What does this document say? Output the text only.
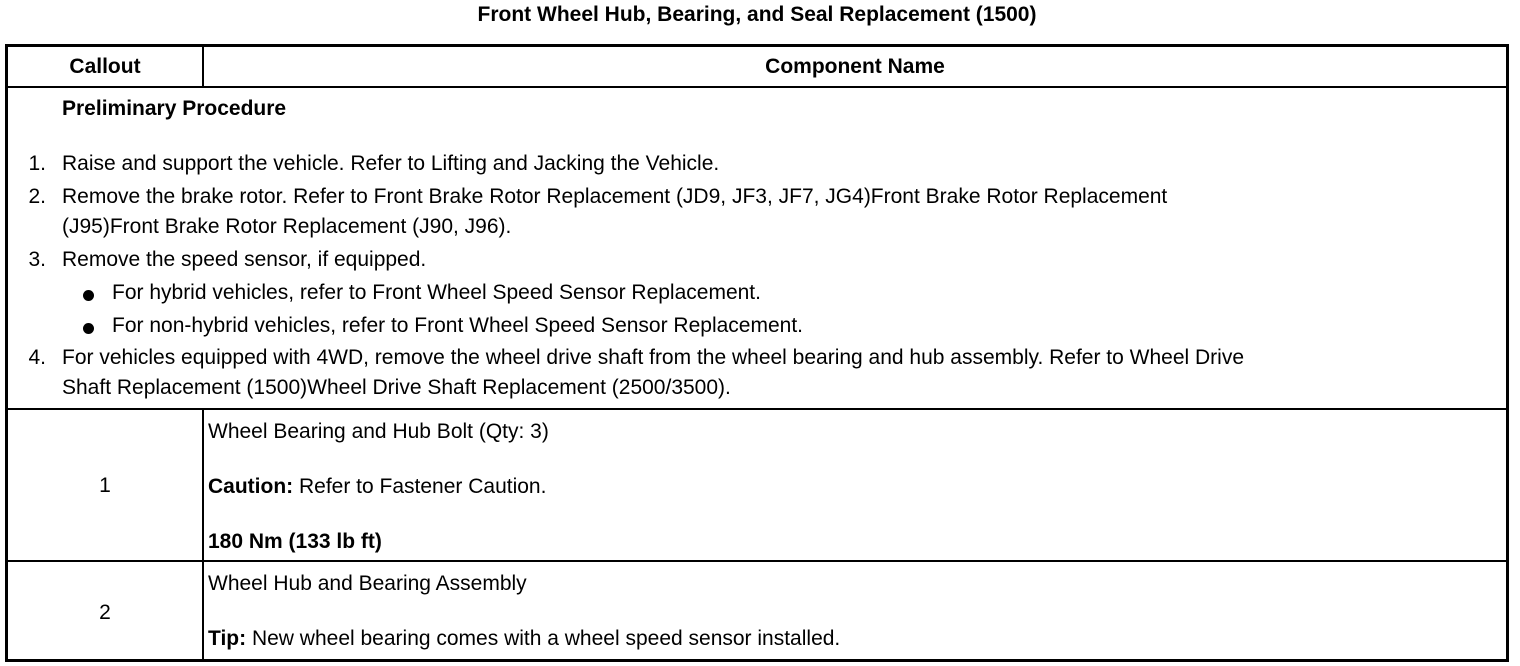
Front Wheel Hub, Bearing, and Seal Replacement (1500)
Callout	Component Name
Preliminary Procedure
1. Raise and support the vehicle. Refer to Lifting and Jacking the Vehicle.
2. Remove the brake rotor. Refer to Front Brake Rotor Replacement (JD9, JF3, JF7, JG4)Front Brake Rotor Replacement
(J95)Front Brake Rotor Replacement (J90, J96).
3. Remove the speed sensor, if equipped.
For hybrid vehicles, refer to Front Wheel Speed Sensor Replacement.
For non-hybrid vehicles, refer to Front Wheel Speed Sensor Replacement.
4. For vehicles equipped with 4WD, remove the wheel drive shaft from the wheel bearing and hub assembly. Refer to Wheel Drive
Shaft Replacement (1500)Wheel Drive Shaft Replacement (2500/3500).
1
Wheel Bearing and Hub Bolt (Qty: 3)
Caution: Refer to Fastener Caution.
180 Nm (133 lb ft)
2
Wheel Hub and Bearing Assembly
Tip: New wheel bearing comes with a wheel speed sensor installed.
